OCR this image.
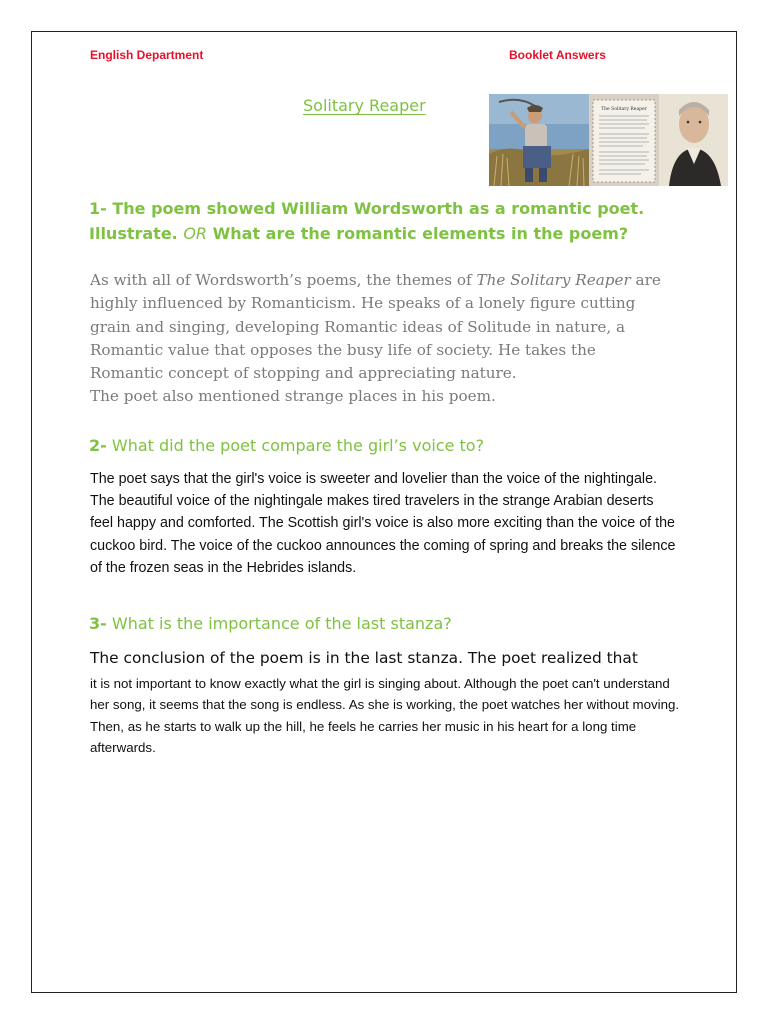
English Department	Booklet Answers
Solitary Reaper	The Solitary Reaper
1- The poem showed William Wordsworth as a romantic poet.
Illustrate. OR What are the romantic elements in the poem?
As with all of Wordsworth’s poems, the themes of The Solitary Reaper are highly influenced by Romanticism. He speaks of a lonely figure cutting grain and singing, developing Romantic ideas of Solitude in nature, a Romantic value that opposes the busy life of society. He takes the Romantic concept of stopping and appreciating nature.
The poet also mentioned strange places in his poem.
2- What did the poet compare the girl’s voice to?
The poet says that the girl's voice is sweeter and lovelier than the voice of the nightingale. The beautiful voice of the nightingale makes tired travelers in the strange Arabian deserts feel happy and comforted. The Scottish girl's voice is also more exciting than the voice of the cuckoo bird. The voice of the cuckoo announces the coming of spring and breaks the silence of the frozen seas in the Hebrides islands.
3- What is the importance of the last stanza?
The conclusion of the poem is in the last stanza. The poet realized that
it is not important to know exactly what the girl is singing about. Although the poet can't understand her song, it seems that the song is endless. As she is working, the poet watches her without moving. Then, as he starts to walk up the hill, he feels he carries her music in his heart for a long time afterwards.
